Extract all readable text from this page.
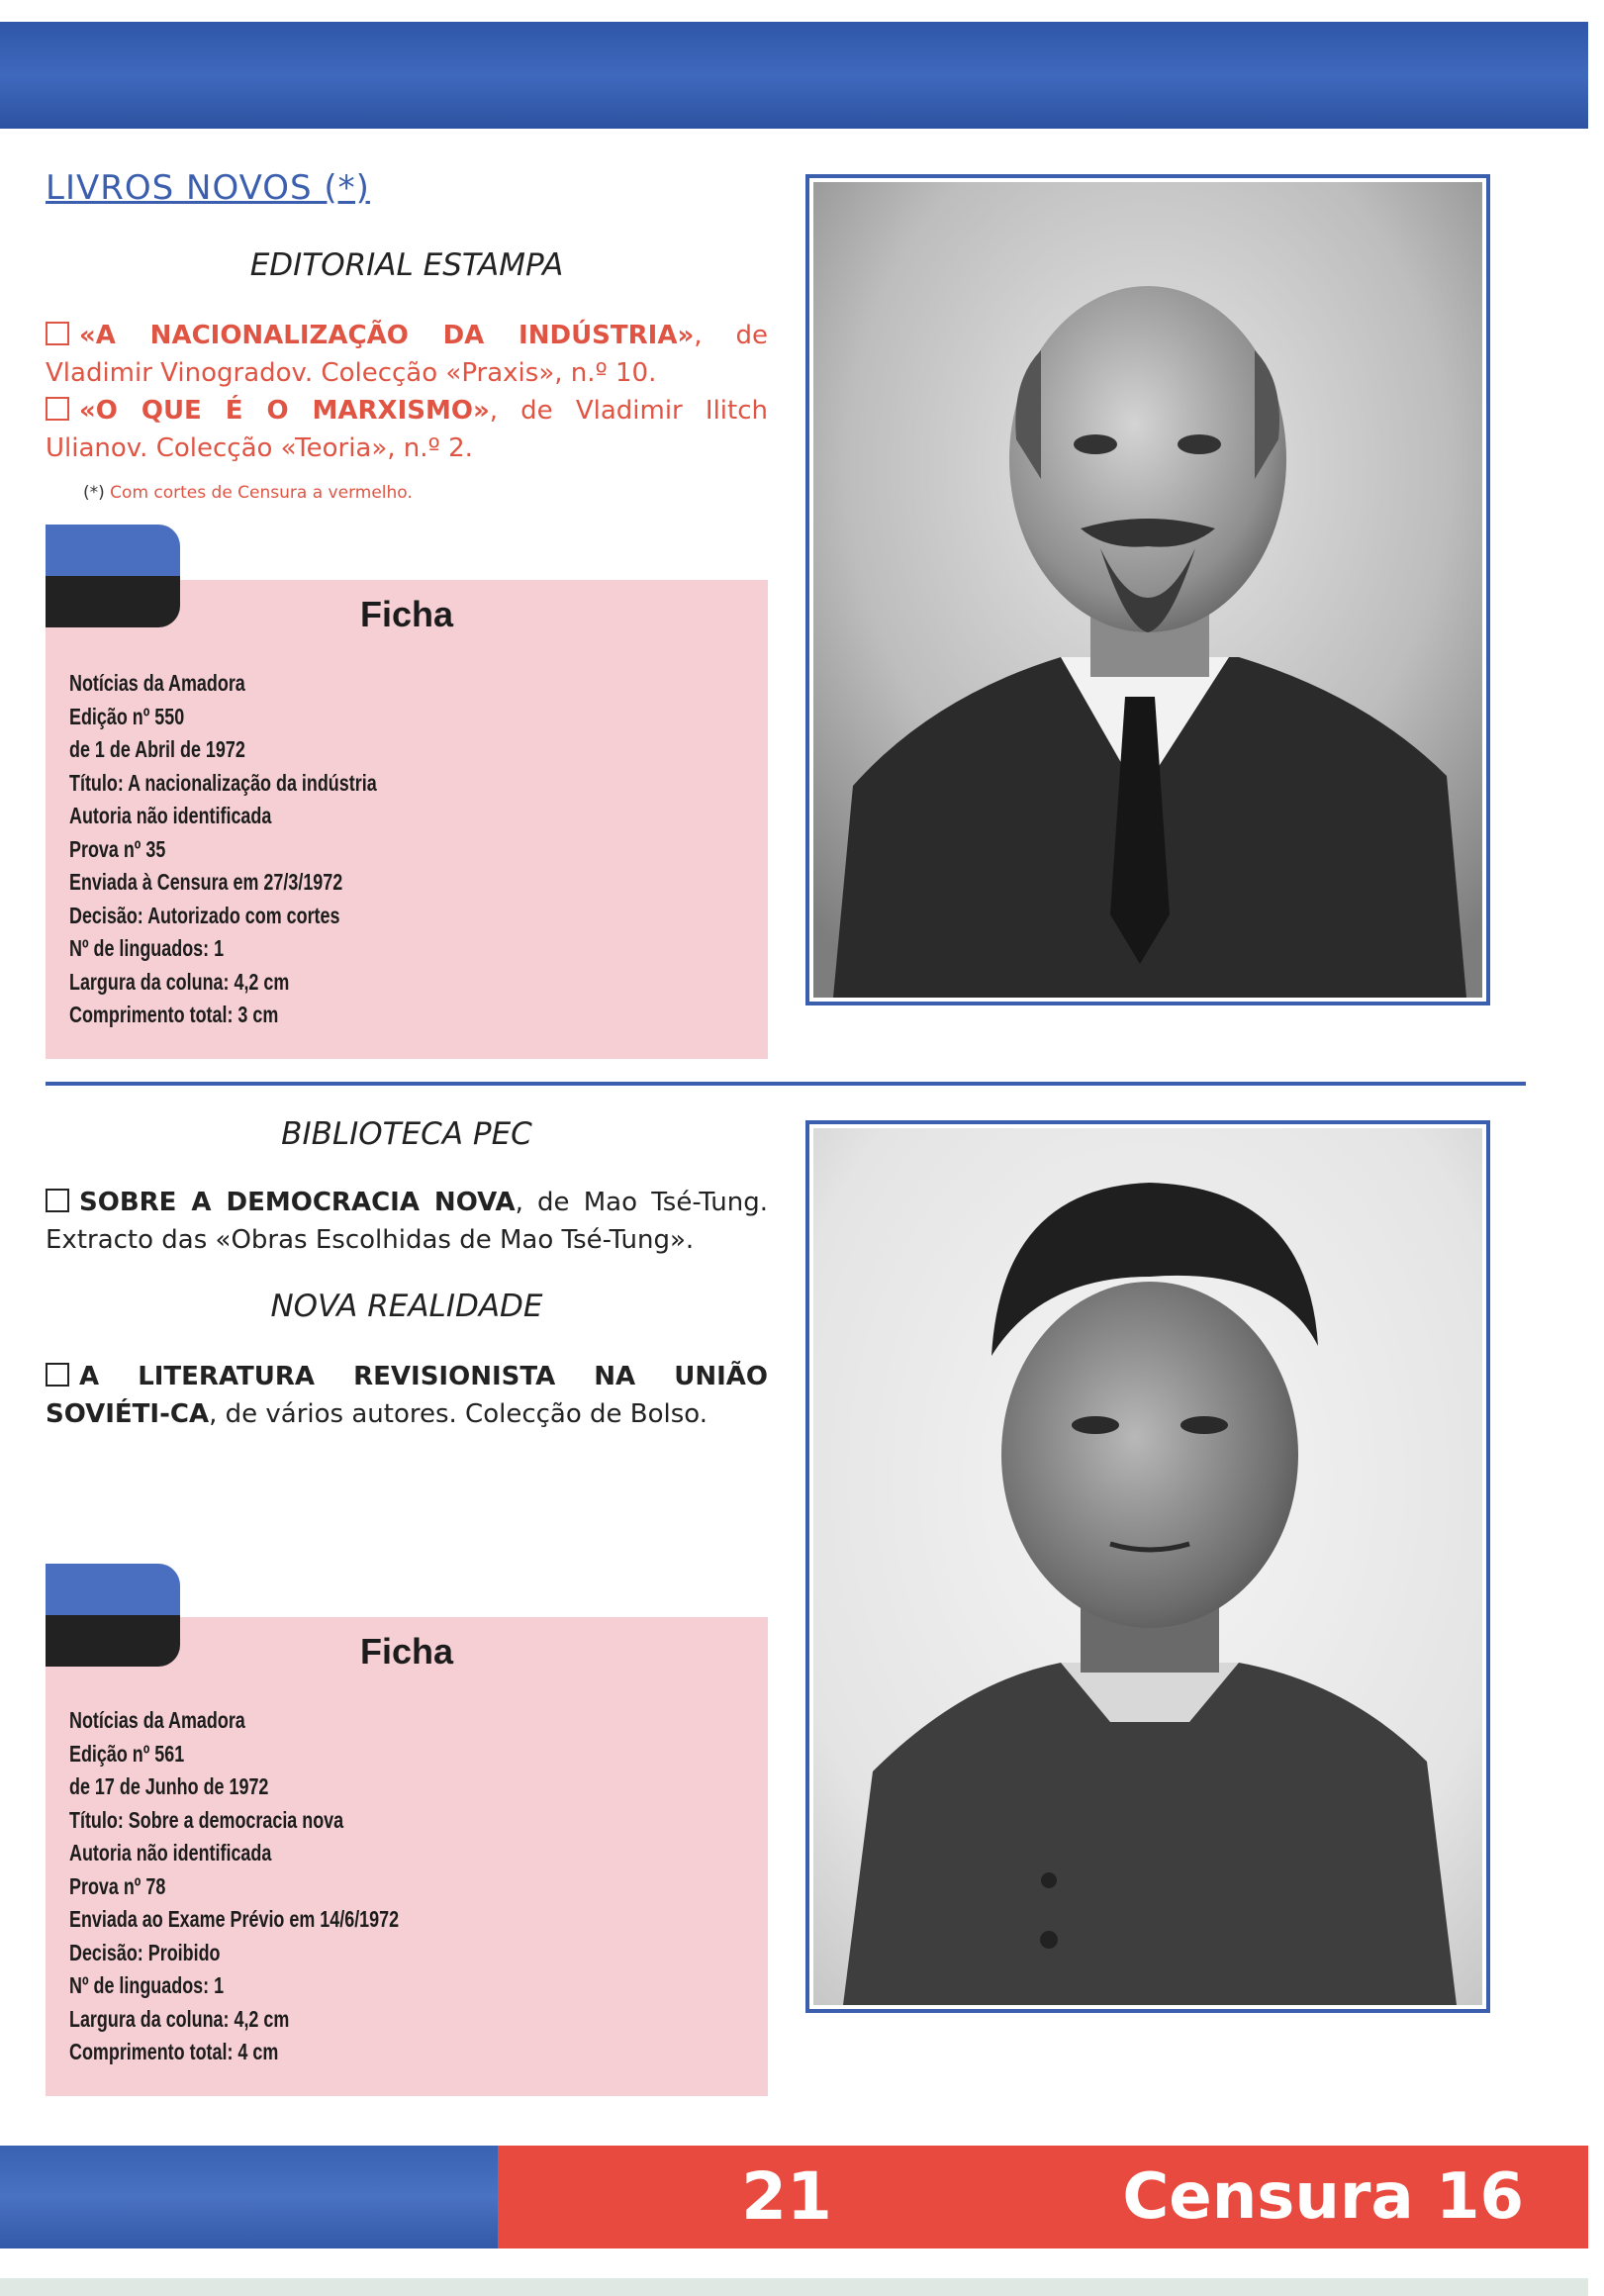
LIVROS NOVOS (*)
EDITORIAL ESTAMPA
«A NACIONALIZAÇÃO DA INDÚSTRIA», de Vladimir Vinogradov. Colecção «Praxis», n.º 10.
«O QUE É O MARXISMO», de Vladimir Ilitch Ulianov. Colecção «Teoria», n.º 2.
(*) Com cortes de Censura a vermelho.
Ficha
Notícias da Amadora
Edição nº 550
de 1 de Abril de 1972
Título: A nacionalização da indústria
Autoria não identificada
Prova nº 35
Enviada à Censura em 27/3/1972
Decisão: Autorizado com cortes
Nº de linguados: 1
Largura da coluna: 4,2 cm
Comprimento total: 3 cm
BIBLIOTECA PEC
SOBRE A DEMOCRACIA NOVA, de Mao Tsé-Tung. Extracto das «Obras Escolhidas de Mao Tsé-Tung».
NOVA REALIDADE
A LITERATURA REVISIONISTA NA UNIÃO SOVIÉTI-CA, de vários autores. Colecção de Bolso.
Ficha
Notícias da Amadora
Edição nº 561
de 17 de Junho de 1972
Título: Sobre a democracia nova
Autoria não identificada
Prova nº 78
Enviada ao Exame Prévio em 14/6/1972
Decisão: Proibido
Nº de linguados: 1
Largura da coluna: 4,2 cm
Comprimento total: 4 cm
21	Censura 16
